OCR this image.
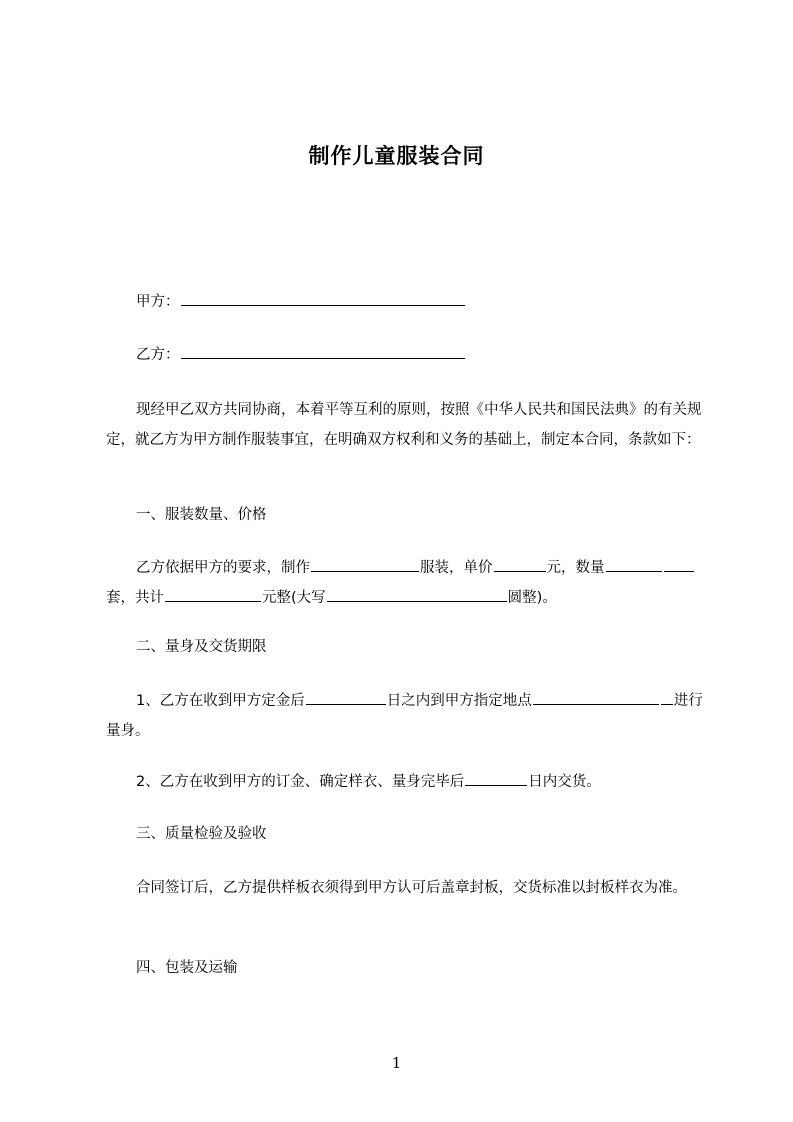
制作儿童服装合同

甲方：

乙方：

现经甲乙双方共同协商，本着平等互利的原则，按照《中华人民共和国民法典》的有关规定，就乙方为甲方制作服装事宜，在明确双方权利和义务的基础上，制定本合同，条款如下：

一、服装数量、价格

乙方依据甲方的要求，制作	服装，单价	元，数量套，共计	元整(大写	圆整)。

二、量身及交货期限

1、乙方在收到甲方定金后	日之内到甲方指定地点	进行量身。

2、乙方在收到甲方的订金、确定样衣、量身完毕后	日内交货。

三、质量检验及验收

合同签订后，乙方提供样板衣须得到甲方认可后盖章封板，交货标准以封板样衣为准。

四、包装及运输

1
